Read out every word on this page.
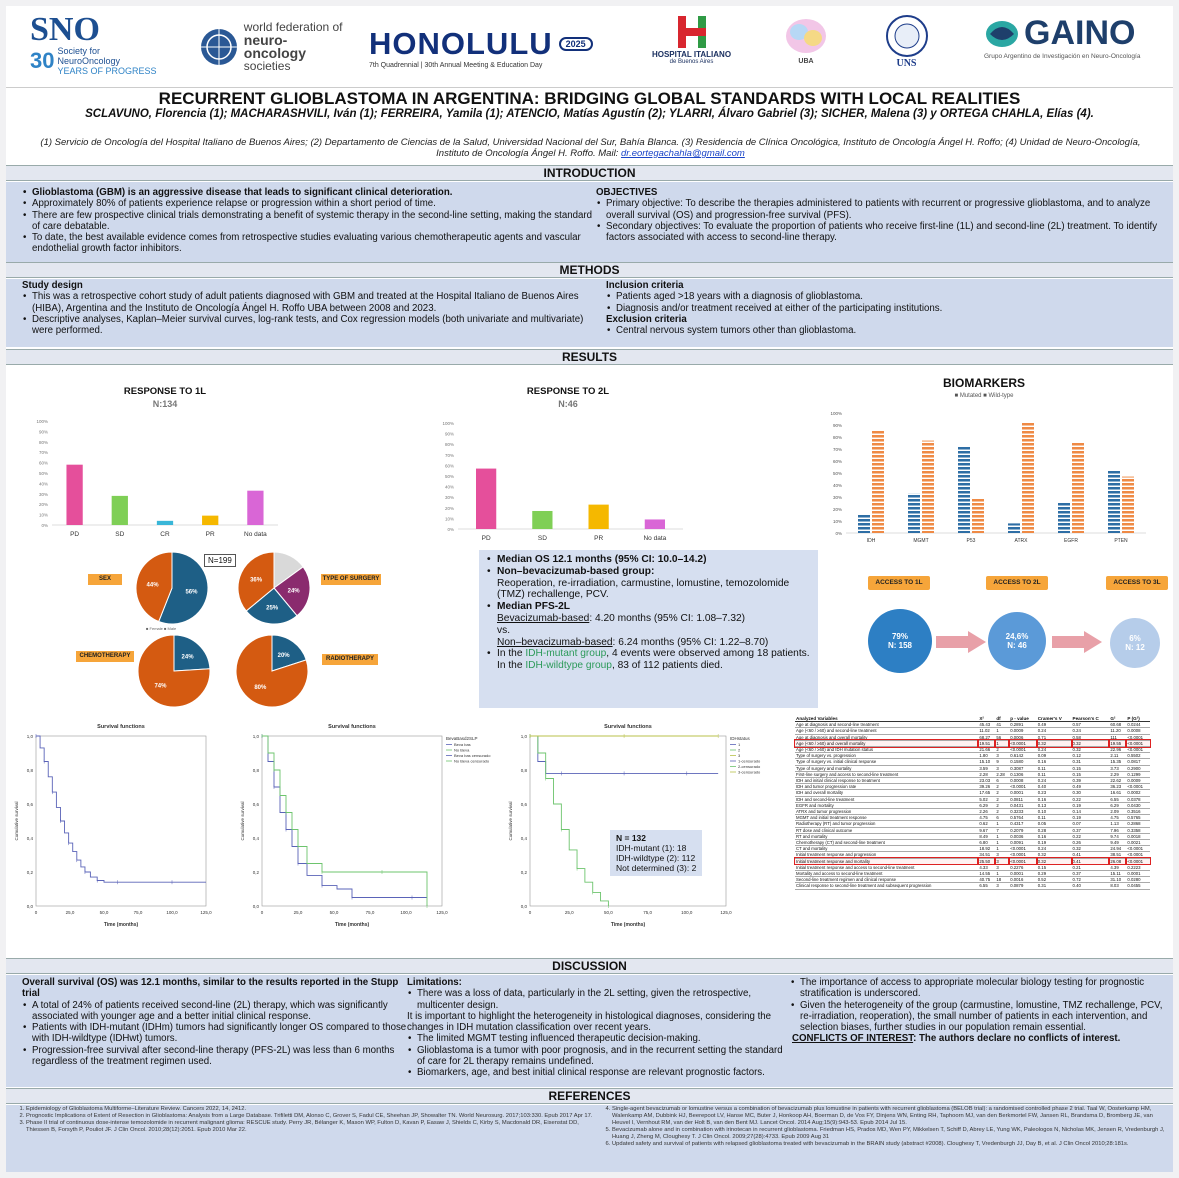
SNO
30 Society for NeuroOncology
YEARS OF PROGRESS
world federation of
neuro-oncology
societies
HONOLULU	2025
7th Quadrennial | 30th Annual Meeting & Education Day
HOSPITAL ITALIANO
de Buenos Aires	UBA	UNS
GAINO
Grupo Argentino de Investigación en Neuro-Oncología
RECURRENT GLIOBLASTOMA IN ARGENTINA: BRIDGING GLOBAL STANDARDS WITH LOCAL REALITIES
SCLAVUNO, Florencia (1); MACHARASHVILI, Iván (1); FERREIRA, Yamila (1); ATENCIO, Matías Agustín (2); YLARRI, Álvaro Gabriel (3); SICHER, Malena (3) y ORTEGA CHAHLA, Elías (4).
(1) Servicio de Oncología del Hospital Italiano de Buenos Aires; (2) Departamento de Ciencias de la Salud, Universidad Nacional del Sur, Bahía Blanca. (3) Residencia de Clínica Oncológica, Instituto de Oncología Ángel H. Roffo; (4) Unidad de Neuro-Oncología, Instituto de Oncología Ángel H. Roffo. Mail: dr.eortegachahla@gmail.com
INTRODUCTION
• Glioblastoma (GBM) is an aggressive disease that leads to significant clinical deterioration.
• Approximately 80% of patients experience relapse or progression within a short period of time.
• There are few prospective clinical trials demonstrating a benefit of systemic therapy in the second-line setting, making the standard of care debatable.
• To date, the best available evidence comes from retrospective studies evaluating various chemotherapeutic agents and vascular endothelial growth factor inhibitors.
OBJECTIVES
• Primary objective: To describe the therapies administered to patients with recurrent or progressive glioblastoma, and to analyze overall survival (OS) and progression-free survival (PFS).
• Secondary objectives: To evaluate the proportion of patients who receive first-line (1L) and second-line (2L) treatment. To identify factors associated with access to second-line therapy.
METHODS
Study design
• This was a retrospective cohort study of adult patients diagnosed with GBM and treated at the Hospital Italiano de Buenos Aires (HIBA), Argentina and the Instituto de Oncología Ángel H. Roffo UBA between 2008 and 2023.
• Descriptive analyses, Kaplan–Meier survival curves, log-rank tests, and Cox regression models (both univariate and multivariate) were performed.
Inclusion criteria
• Patients aged >18 years with a diagnosis of glioblastoma.
• Diagnosis and/or treatment received at either of the participating institutions.
Exclusion criteria
• Central nervous system tumors other than glioblastoma.
RESULTS
RESPONSE TO 1L
N:134
0%
10%
20%
30%
40%
50%
60%
70%
80%
90%
100%
PD	SD	CR	PR	No data
RESPONSE TO 2L
N:46
0%
10%
20%
30%
40%
50%
60%
70%
80%
90%
100%
PD	SD	PR	No data
BIOMARKERS
■ Mutated ■ Wild-type
0%
10%
20%
30%
40%
50%
60%
70%
80%
90%
100%
IDH	MGMT	P53	ATRX	EGFR	PTEN
SEX
56%
44%
■ Female ■ Male
N=199
24%
25%
36%	TYPE OF SURGERY
CHEMOTHERAPY	24%
74%
20%
80%
RADIOTHERAPY
• Median OS 12.1 months (95% CI: 10.0–14.2)
• Non–bevacizumab-based group:
Reoperation, re-irradiation, carmustine, lomustine, temozolomide (TMZ) rechallenge, PCV.
• Median PFS-2L
Bevacizumab-based: 4.20 months (95% CI: 1.08–7.32)
vs.
Non–bevacizumab-based: 6.24 months (95% CI: 1.22–8.70)
• In the IDH-mutant group, 4 events were observed among 18 patients.
In the IDH-wildtype group, 83 of 112 patients died.
ACCESS TO 1L	ACCESS TO 2L	ACCESS TO 3L
79%
N: 158
24,6%
N: 46
6%
N: 12
Survival functions
Time (months)
Cumulative survival
0,0
0,2
0,4
0,6
0,8
1,0
0	25,0	50,0	75,0	100,0	125,0
Survival functions
Time (months)
Cumulative survival
0,0
0,2
0,4
0,6
0,8
1,0	BevaBasd2SLP
Beva bas
No Beva
Beva bas censurado
No Beva censurado
0	25,0	50,0	75,0	100,0	125,0
Survival functions
Time (months)
Cumulative survival
0,0
0,2
0,4
0,6
0,8
1,0	IDHstatus
1
2
3
1-censurado
2-censurado
3-censurado
0	25,0	50,0	75,0	100,0	125,0
N = 132
IDH-mutant (1): 18
IDH-wildtype (2): 112
Not determined (3): 2
Analyzed Variables	X²	df	p - value	Cramer's V	Pearson's C	G²	P (G²)
Age at diagnosis and second-line treatment	45.43	41	0.2891	0.49	0.57	60.68	0.0244
Age (<60 / ≥60) and second-line treatment	11.02	1	0.0009	0.24	0.24	11.20	0.0008
Age at diagnosis and overall mortality	68.27	56	0.0006	0.71	0.58	111	<0.0001
Age (<60 / ≥60) and overall mortality	19.51	1	<0.0001	0.32	0.32	19.55	<0.0001
Age (<60 / ≥60) and IDH mutation status	21.66	2	<0.0001	0.24	0.32	22.96	<0.0001
Type of surgery vs. progression	1.80	3	0.6142	0.09	0.12	2.11	0.5502
Type of surgery vs. initial clinical response	15.10	9	0.1580	0.16	0.31	15.35	0.0817
Type of surgery and mortality	3.59	3	0.3087	0.11	0.15	3.73	0.2900
First-line surgery and access to second-line treatment	2.28	2.28	0.1306	0.11	0.15	2.29	0.1299
IDH and initial clinical response to treatment	23.03	6	0.0008	0.24	0.39	22.62	0.0009
IDH and tumor progression rate	39.26	2	<0.0001	0.40	0.49	36.23	<0.0001
IDH and overall mortality	17.65	2	0.0001	0.23	0.30	16.61	0.0002
IDH and second-line treatment	5.02	2	0.0811	0.16	0.22	6.55	0.0378
EGFR and mortality	6.29	2	0.0431	0.13	0.19	6.29	0.0430
ATRX and tumor progression	2.26	2	0.3233	0.10	0.14	2.09	0.3516
MGMT and initial treatment response	4.75	6	0.5764	0.11	0.19	4.75	0.5765
Radiotherapy (RT) and tumor progression	0.62	1	0.4317	0.05	0.07	1.13	0.2868
RT dose and clinical outcome	9.67	7	0.2079	0.28	0.37	7.96	0.3358
RT and mortality	8.49	1	0.0036	0.16	0.22	9.74	0.0018
Chemotherapy (CT) and second-line treatment	6.80	1	0.0091	0.19	0.26	9.49	0.0021
CT and mortality	18.92	1	<0.0001	0.24	0.32	24.94	<0.0001
Initial treatment response and progression	34.51	3	<0.0001	0.32	0.41	38.51	<0.0001
Initial treatment response and mortality	25.50	3	<0.0001	0.32	0.41	26.08	<0.0001
Initial treatment response and access to second-line treatment	4.33	3	0.2276	0.15	0.21	4.39	0.2223
Mortality and access to second-line treatment	14.55	1	0.0001	0.29	0.37	15.11	0.0001
Second-line treatment regimen and clinical response	40.75	18	0.0016	0.52	0.72	31.10	0.0280
Clinical response to second-line treatment and subsequent progression	6.55	3	0.0879	0.31	0.40	8.03	0.0455
DISCUSSION
Overall survival (OS) was 12.1 months, similar to the results reported in the Stupp trial
• A total of 24% of patients received second-line (2L) therapy, which was significantly associated with younger age and a better initial clinical response.
• Patients with IDH-mutant (IDHm) tumors had significantly longer OS compared to those with IDH-wildtype (IDHwt) tumors.
• Progression-free survival after second-line therapy (PFS-2L) was less than 6 months regardless of the treatment regimen used.
Limitations:
• There was a loss of data, particularly in the 2L setting, given the retrospective, multicenter design.
It is important to highlight the heterogeneity in histological diagnoses, considering the changes in IDH mutation classification over recent years.
• The limited MGMT testing influenced therapeutic decision-making.
• Glioblastoma is a tumor with poor prognosis, and in the recurrent setting the standard of care for 2L therapy remains undefined.
• Biomarkers, age, and best initial clinical response are relevant prognostic factors.
• The importance of access to appropriate molecular biology testing for prognostic stratification is underscored.
• Given the heterogeneity of the group (carmustine, lomustine, TMZ rechallenge, PCV, re-irradiation, reoperation), the small number of patients in each intervention, and selection biases, further studies in our population remain essential.
CONFLICTS OF INTEREST: The authors declare no conflicts of interest.
REFERENCES
1. Epidemiology of Glioblastoma Multiforme–Literature Review. Cancers 2022, 14, 2412.
2. Prognostic Implications of Extent of Resection in Glioblastoma: Analysis from a Large Database. Trifiletti DM, Alonso C, Grover S, Fadul CE, Sheehan JP, Showalter TN. World Neurosurg. 2017;103:330. Epub 2017 Apr 17.
3. Phase II trial of continuous dose-intense temozolomide in recurrent malignant glioma: RESCUE study. Perry JR, Bélanger K, Mason WP, Fulton D, Kavan P, Easaw J, Shields C, Kirby S, Macdonald DR, Eisenstat DD, Thiessen B, Forsyth P, Pouliot JF. J Clin Oncol. 2010;28(12):2051. Epub 2010 Mar 22.
4. Single-agent bevacizumab or lomustine versus a combination of bevacizumab plus lomustine in patients with recurrent glioblastoma (BELOB trial): a randomised controlled phase 2 trial. Taal W, Oosterkamp HM, Walenkamp AM, Dubbink HJ, Beerepoot LV, Hanse MC, Buter J, Honkoop AH, Boerman D, de Vos FY, Dinjens WN, Enting RH, Taphoorn MJ, van den Berkmortel FW, Jansen RL, Brandsma D, Bromberg JE, van Heuvel I, Vernhout RM, van der Holt B, van den Bent MJ. Lancet Oncol. 2014 Aug;15(9):943-53. Epub 2014 Jul 15.
5. Bevacizumab alone and in combination with irinotecan in recurrent glioblastoma. Friedman HS, Prados MD, Wen PY, Mikkelsen T, Schiff D, Abrey LE, Yung WK, Paleologos N, Nicholas MK, Jensen R, Vredenburgh J, Huang J, Zheng M, Cloughesy T. J Clin Oncol. 2009;27(28):4733. Epub 2009 Aug 31
6. Updated safety and survival of patients with relapsed glioblastoma treated with bevacizumab in the BRAIN study (abstract #2008). Cloughesy T, Vredenburgh JJ, Day B, et al. J Clin Oncol 2010;28:181s.
